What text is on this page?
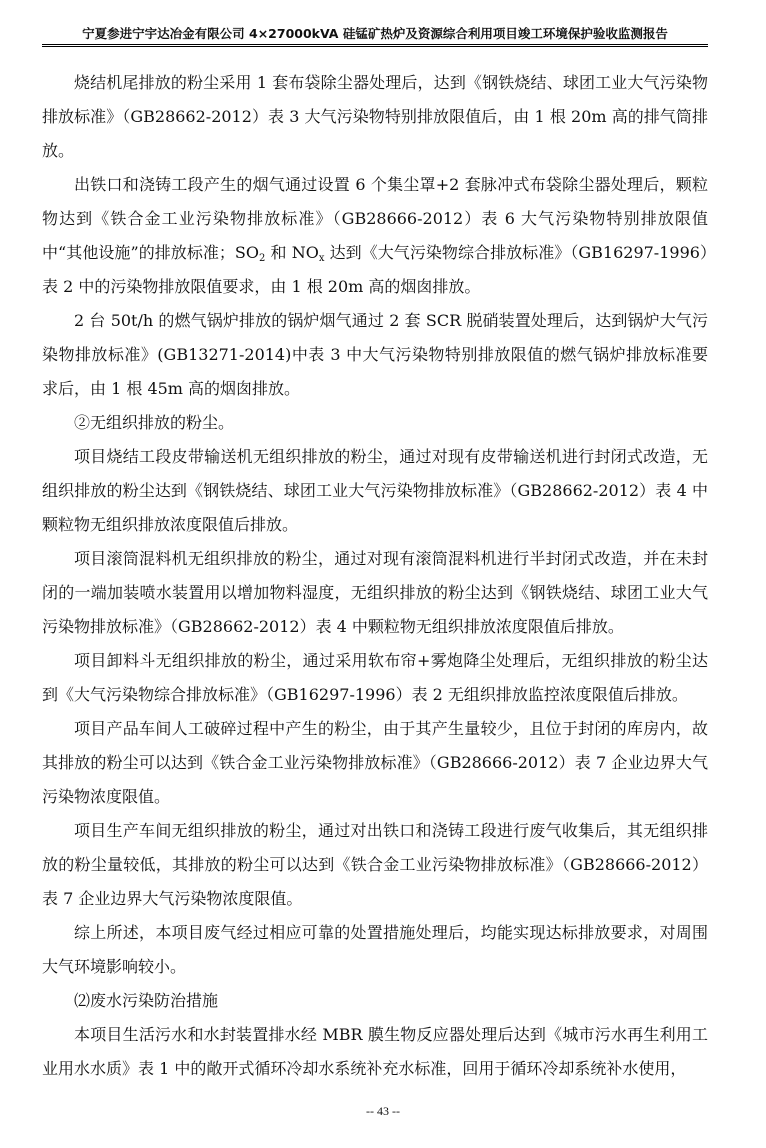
宁夏参进宁宇达冶金有限公司 4×27000kVA 硅锰矿热炉及资源综合利用项目竣工环境保护验收监测报告

烧结机尾排放的粉尘采用 1 套布袋除尘器处理后，达到《钢铁烧结、球团工业大气污染物排放标准》（GB28662-2012）表 3 大气污染物特别排放限值后，由 1 根 20m 高的排气筒排放。

出铁口和浇铸工段产生的烟气通过设置 6 个集尘罩+2 套脉冲式布袋除尘器处理后，颗粒物达到《铁合金工业污染物排放标准》（GB28666-2012）表 6 大气污染物特别排放限值中“其他设施”的排放标准；$SO_2$ 和 $NO_x$ 达到《大气污染物综合排放标准》（GB16297-1996）表 2 中的污染物排放限值要求，由 1 根 20m 高的烟囱排放。

2 台 50t/h 的燃气锅炉排放的锅炉烟气通过 2 套 SCR 脱硝装置处理后，达到锅炉大气污染物排放标准》(GB13271-2014)中表 3 中大气污染物特别排放限值的燃气锅炉排放标准要求后，由 1 根 45m 高的烟囱排放。

②无组织排放的粉尘。

项目烧结工段皮带输送机无组织排放的粉尘，通过对现有皮带输送机进行封闭式改造，无组织排放的粉尘达到《钢铁烧结、球团工业大气污染物排放标准》（GB28662-2012）表 4 中颗粒物无组织排放浓度限值后排放。

项目滚筒混料机无组织排放的粉尘，通过对现有滚筒混料机进行半封闭式改造，并在未封闭的一端加装喷水装置用以增加物料湿度，无组织排放的粉尘达到《钢铁烧结、球团工业大气污染物排放标准》（GB28662-2012）表 4 中颗粒物无组织排放浓度限值后排放。

项目卸料斗无组织排放的粉尘，通过采用软布帘+雾炮降尘处理后，无组织排放的粉尘达到《大气污染物综合排放标准》（GB16297-1996）表 2 无组织排放监控浓度限值后排放。

项目产品车间人工破碎过程中产生的粉尘，由于其产生量较少，且位于封闭的库房内，故其排放的粉尘可以达到《铁合金工业污染物排放标准》（GB28666-2012）表 7 企业边界大气污染物浓度限值。

项目生产车间无组织排放的粉尘，通过对出铁口和浇铸工段进行废气收集后，其无组织排放的粉尘量较低，其排放的粉尘可以达到《铁合金工业污染物排放标准》（GB28666-2012）表 7 企业边界大气污染物浓度限值。

综上所述，本项目废气经过相应可靠的处置措施处理后，均能实现达标排放要求，对周围大气环境影响较小。

⑵废水污染防治措施

本项目生活污水和水封装置排水经 MBR 膜生物反应器处理后达到《城市污水再生利用工业用水水质》表 1 中的敞开式循环冷却水系统补充水标准，回用于循环冷却系统补水使用，

-- 43 --
